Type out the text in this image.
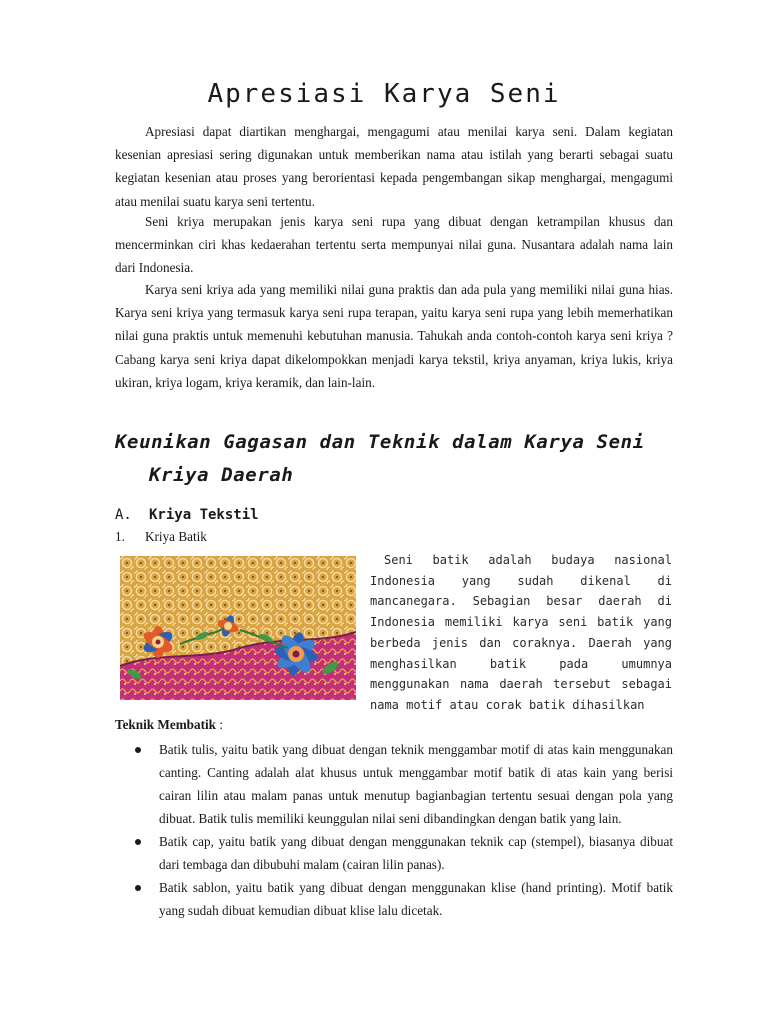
Apresiasi Karya Seni

Apresiasi dapat diartikan menghargai, mengagumi atau menilai karya seni. Dalam kegiatan kesenian apresiasi sering digunakan untuk memberikan nama atau istilah yang berarti sebagai suatu kegiatan kesenian atau proses yang berorientasi kepada pengembangan sikap menghargai, mengagumi atau menilai suatu karya seni tertentu.

Seni kriya merupakan jenis karya seni rupa yang dibuat dengan ketrampilan khusus dan mencerminkan ciri khas kedaerahan tertentu serta mempunyai nilai guna. Nusantara adalah nama lain dari Indonesia.

Karya seni kriya ada yang memiliki nilai guna praktis dan ada pula yang memiliki nilai guna hias. Karya seni kriya yang termasuk karya seni rupa terapan, yaitu karya seni rupa yang lebih memerhatikan nilai guna praktis untuk memenuhi kebutuhan manusia. Tahukah anda contoh-contoh karya seni kriya ? Cabang karya seni kriya dapat dikelompokkan menjadi karya tekstil, kriya anyaman, kriya lukis, kriya ukiran, kriya logam, kriya keramik, dan lain-lain.

Keunikan Gagasan dan Teknik dalam Karya Seni
Kriya Daerah
A. Kriya Tekstil
1. Kriya Batik

Seni batik adalah budaya nasional Indonesia yang sudah dikenal di mancanegara. Sebagian besar daerah di Indonesia memiliki karya seni batik yang berbeda jenis dan coraknya. Daerah yang menghasilkan batik pada umumnya menggunakan nama daerah tersebut sebagai nama motif atau corak batik dihasilkan

Teknik Membatik :
Batik tulis, yaitu batik yang dibuat dengan teknik menggambar motif di atas kain menggunakan canting. Canting adalah alat khusus untuk menggambar motif batik di atas kain yang berisi cairan lilin atau malam panas untuk menutup bagianbagian tertentu sesuai dengan pola yang dibuat. Batik tulis memiliki keunggulan nilai seni dibandingkan dengan batik yang lain.
Batik cap, yaitu batik yang dibuat dengan menggunakan teknik cap (stempel), biasanya dibuat dari tembaga dan dibubuhi malam (cairan lilin panas).
Batik sablon, yaitu batik yang dibuat dengan menggunakan klise (hand printing). Motif batik yang sudah dibuat kemudian dibuat klise lalu dicetak.
